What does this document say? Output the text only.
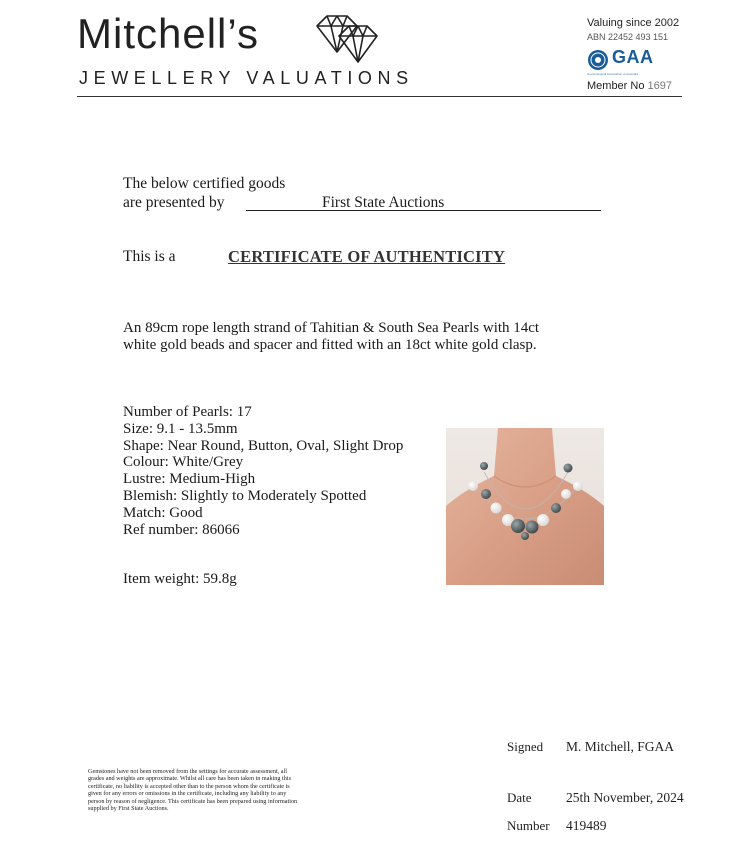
Mitchell’s
JEWELLERY VALUATIONS
Valuing since 2002
ABN 22452 493 151
GAA
Gemmological Association of Australia
Member No 1697
The below certified goods
are presented by	First State Auctions
This is a	CERTIFICATE OF AUTHENTICITY
An 89cm rope length strand of Tahitian & South Sea Pearls with 14ct white gold beads and spacer and fitted with an 18ct white gold clasp.
Number of Pearls: 17
Size: 9.1 - 13.5mm
Shape: Near Round, Button, Oval, Slight Drop
Colour: White/Grey
Lustre: Medium-High
Blemish: Slightly to Moderately Spotted
Match: Good
Ref number: 86066
Item weight: 59.8g
Signed M. Mitchell, FGAA
Date	25th November, 2024
Number 419489
Gemstones have not been removed from the settings for accurate assessment, all grades and weights are approximate. Whilst all care has been taken in making this certificate, no liability is accepted other than to the person whom the certificate is given for any errors or omissions in the certificate, including any liability to any person by reason of negligence. This certificate has been prepared using information supplied by First State Auctions.
